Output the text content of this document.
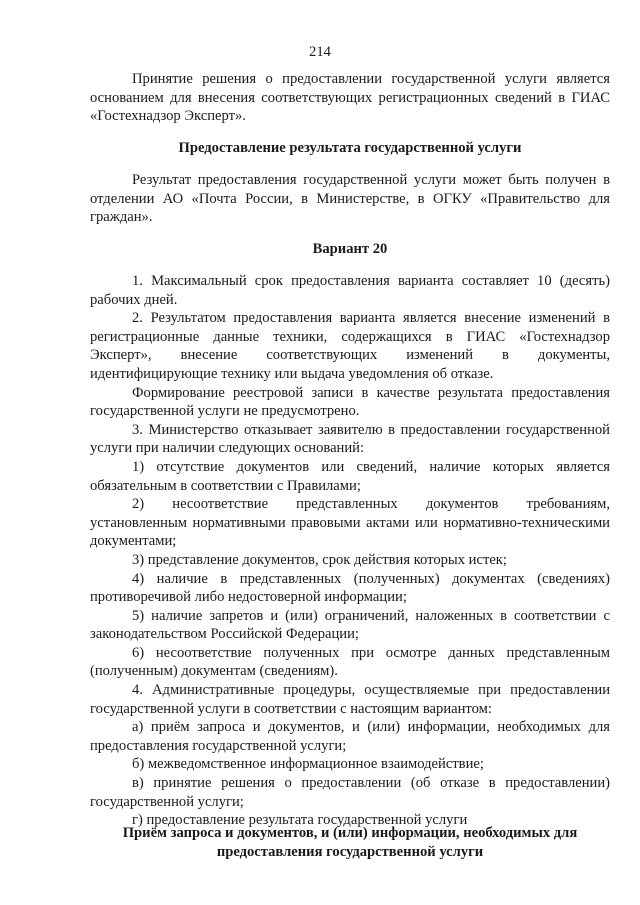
214

Принятие решения о предоставлении государственной услуги является основанием для внесения соответствующих регистрационных сведений в ГИАС «Гостехнадзор Эксперт».

Предоставление результата государственной услуги

Результат предоставления государственной услуги может быть получен в отделении АО «Почта России, в Министерстве, в ОГКУ «Правительство для граждан».

Вариант 20

1. Максимальный срок предоставления варианта составляет 10 (десять) рабочих дней.

2. Результатом предоставления варианта является внесение изменений в регистрационные данные техники, содержащихся в ГИАС «Гостехнадзор Эксперт», внесение соответствующих изменений в документы, идентифицирующие технику или выдача уведомления об отказе.

Формирование реестровой записи в качестве результата предоставления государственной услуги не предусмотрено.

3. Министерство отказывает заявителю в предоставлении государственной услуги при наличии следующих оснований:

1) отсутствие документов или сведений, наличие которых является обязательным в соответствии с Правилами;

2) несоответствие представленных документов требованиям, установленным нормативными правовыми актами или нормативно-техническими документами;

3) представление документов, срок действия которых истек;

4) наличие в представленных (полученных) документах (сведениях) противоречивой либо недостоверной информации;

5) наличие запретов и (или) ограничений, наложенных в соответствии с законодательством Российской Федерации;

6) несоответствие полученных при осмотре данных представленным (полученным) документам (сведениям).

4. Административные процедуры, осуществляемые при предоставлении государственной услуги в соответствии с настоящим вариантом:

а) приём запроса и документов, и (или) информации, необходимых для предоставления государственной услуги;

б) межведомственное информационное взаимодействие;

в) принятие решения о предоставлении (об отказе в предоставлении) государственной услуги;

г) предоставление результата государственной услуги

Приём запроса и документов, и (или) информации, необходимых для предоставления государственной услуги
